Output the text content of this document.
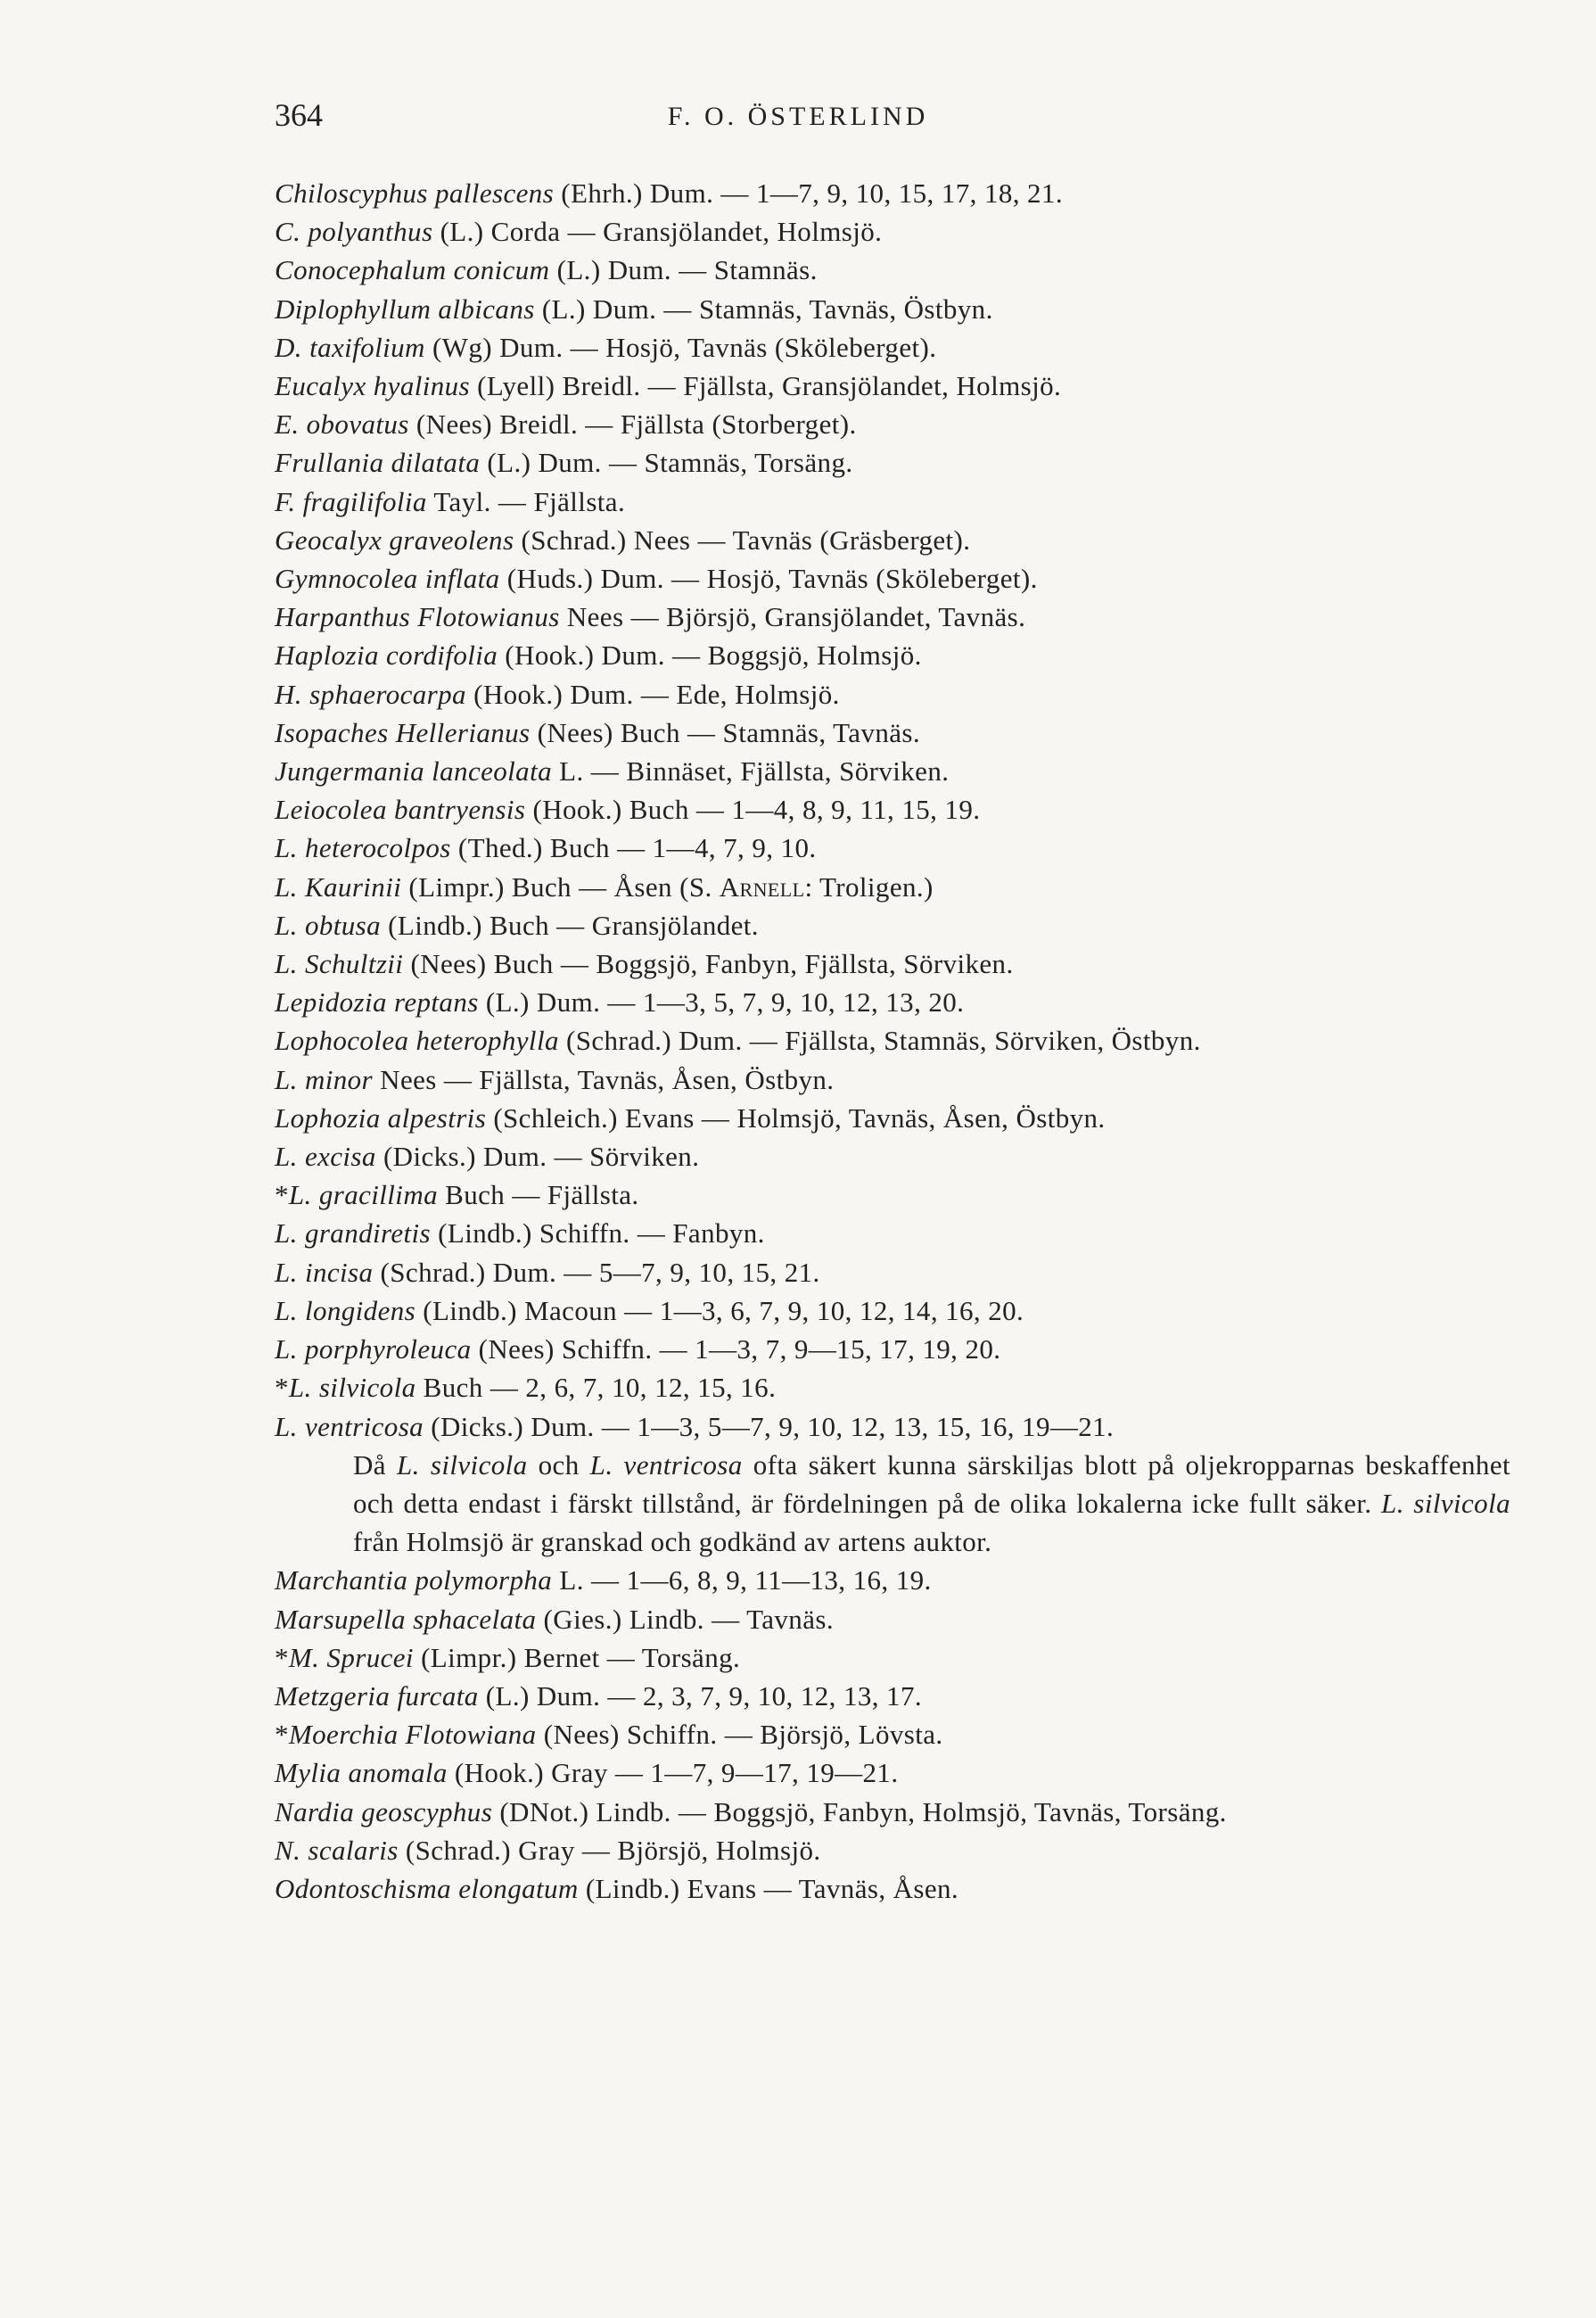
364	F. O. ÖSTERLIND

Chiloscyphus pallescens (Ehrh.) Dum. — 1—7, 9, 10, 15, 17, 18, 21.

C. polyanthus (L.) Corda — Gransjölandet, Holmsjö.

Conocephalum conicum (L.) Dum. — Stamnäs.

Diplophyllum albicans (L.) Dum. — Stamnäs, Tavnäs, Östbyn.

D. taxifolium (Wg) Dum. — Hosjö, Tavnäs (Sköleberget).

Eucalyx hyalinus (Lyell) Breidl. — Fjällsta, Gransjölandet, Holmsjö.

E. obovatus (Nees) Breidl. — Fjällsta (Storberget).

Frullania dilatata (L.) Dum. — Stamnäs, Torsäng.

F. fragilifolia Tayl. — Fjällsta.

Geocalyx graveolens (Schrad.) Nees — Tavnäs (Gräsberget).

Gymnocolea inflata (Huds.) Dum. — Hosjö, Tavnäs (Sköleberget).

Harpanthus Flotowianus Nees — Björsjö, Gransjölandet, Tavnäs.

Haplozia cordifolia (Hook.) Dum. — Boggsjö, Holmsjö.

H. sphaerocarpa (Hook.) Dum. — Ede, Holmsjö.

Isopaches Hellerianus (Nees) Buch — Stamnäs, Tavnäs.

Jungermania lanceolata L. — Binnäset, Fjällsta, Sörviken.

Leiocolea bantryensis (Hook.) Buch — 1—4, 8, 9, 11, 15, 19.

L. heterocolpos (Thed.) Buch — 1—4, 7, 9, 10.

L. Kaurinii (Limpr.) Buch — Åsen (S. Arnell: Troligen.)

L. obtusa (Lindb.) Buch — Gransjölandet.

L. Schultzii (Nees) Buch — Boggsjö, Fanbyn, Fjällsta, Sörviken.

Lepidozia reptans (L.) Dum. — 1—3, 5, 7, 9, 10, 12, 13, 20.

Lophocolea heterophylla (Schrad.) Dum. — Fjällsta, Stamnäs, Sörviken, Östbyn.

L. minor Nees — Fjällsta, Tavnäs, Åsen, Östbyn.

Lophozia alpestris (Schleich.) Evans — Holmsjö, Tavnäs, Åsen, Östbyn.

L. excisa (Dicks.) Dum. — Sörviken.

*L. gracillima Buch — Fjällsta.

L. grandiretis (Lindb.) Schiffn. — Fanbyn.

L. incisa (Schrad.) Dum. — 5—7, 9, 10, 15, 21.

L. longidens (Lindb.) Macoun — 1—3, 6, 7, 9, 10, 12, 14, 16, 20.

L. porphyroleuca (Nees) Schiffn. — 1—3, 7, 9—15, 17, 19, 20.

*L. silvicola Buch — 2, 6, 7, 10, 12, 15, 16.

L. ventricosa (Dicks.) Dum. — 1—3, 5—7, 9, 10, 12, 13, 15, 16, 19—21.

Då L. silvicola och L. ventricosa ofta säkert kunna särskiljas blott på oljekropparnas beskaffenhet och detta endast i färskt tillstånd, är fördelningen på de olika lokalerna icke fullt säker. L. silvicola från Holmsjö är granskad och godkänd av artens auktor.

Marchantia polymorpha L. — 1—6, 8, 9, 11—13, 16, 19.

Marsupella sphacelata (Gies.) Lindb. — Tavnäs.

*M. Sprucei (Limpr.) Bernet — Torsäng.

Metzgeria furcata (L.) Dum. — 2, 3, 7, 9, 10, 12, 13, 17.

*Moerchia Flotowiana (Nees) Schiffn. — Björsjö, Lövsta.

Mylia anomala (Hook.) Gray — 1—7, 9—17, 19—21.

Nardia geoscyphus (DNot.) Lindb. — Boggsjö, Fanbyn, Holmsjö, Tavnäs, Torsäng.

N. scalaris (Schrad.) Gray — Björsjö, Holmsjö.

Odontoschisma elongatum (Lindb.) Evans — Tavnäs, Åsen.
